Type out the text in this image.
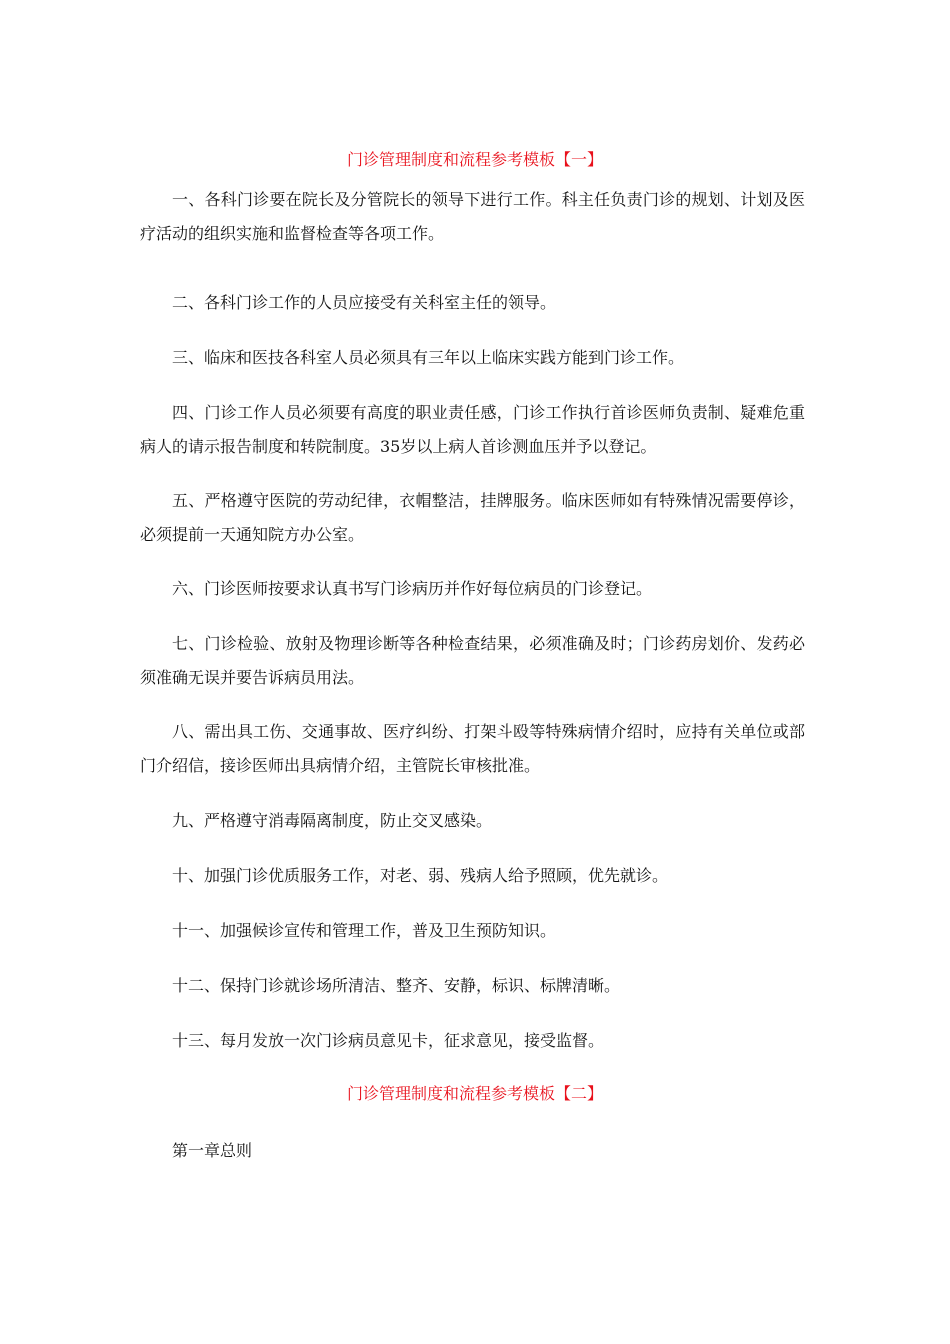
门诊管理制度和流程参考模板【一】

一、各科门诊要在院长及分管院长的领导下进行工作。科主任负责门诊的规划、计划及医疗活动的组织实施和监督检查等各项工作。

二、各科门诊工作的人员应接受有关科室主任的领导。

三、临床和医技各科室人员必须具有三年以上临床实践方能到门诊工作。

四、门诊工作人员必须要有高度的职业责任感，门诊工作执行首诊医师负责制、疑难危重病人的请示报告制度和转院制度。35岁以上病人首诊测血压并予以登记。

五、严格遵守医院的劳动纪律，衣帽整洁，挂牌服务。临床医师如有特殊情况需要停诊，必须提前一天通知院方办公室。

六、门诊医师按要求认真书写门诊病历并作好每位病员的门诊登记。

七、门诊检验、放射及物理诊断等各种检查结果，必须准确及时；门诊药房划价、发药必须准确无误并要告诉病员用法。

八、需出具工伤、交通事故、医疗纠纷、打架斗殴等特殊病情介绍时，应持有关单位或部门介绍信，接诊医师出具病情介绍，主管院长审核批准。

九、严格遵守消毒隔离制度，防止交叉感染。

十、加强门诊优质服务工作，对老、弱、残病人给予照顾，优先就诊。

十一、加强候诊宣传和管理工作，普及卫生预防知识。

十二、保持门诊就诊场所清洁、整齐、安静，标识、标牌清晰。

十三、每月发放一次门诊病员意见卡，征求意见，接受监督。

门诊管理制度和流程参考模板【二】

第一章总则
